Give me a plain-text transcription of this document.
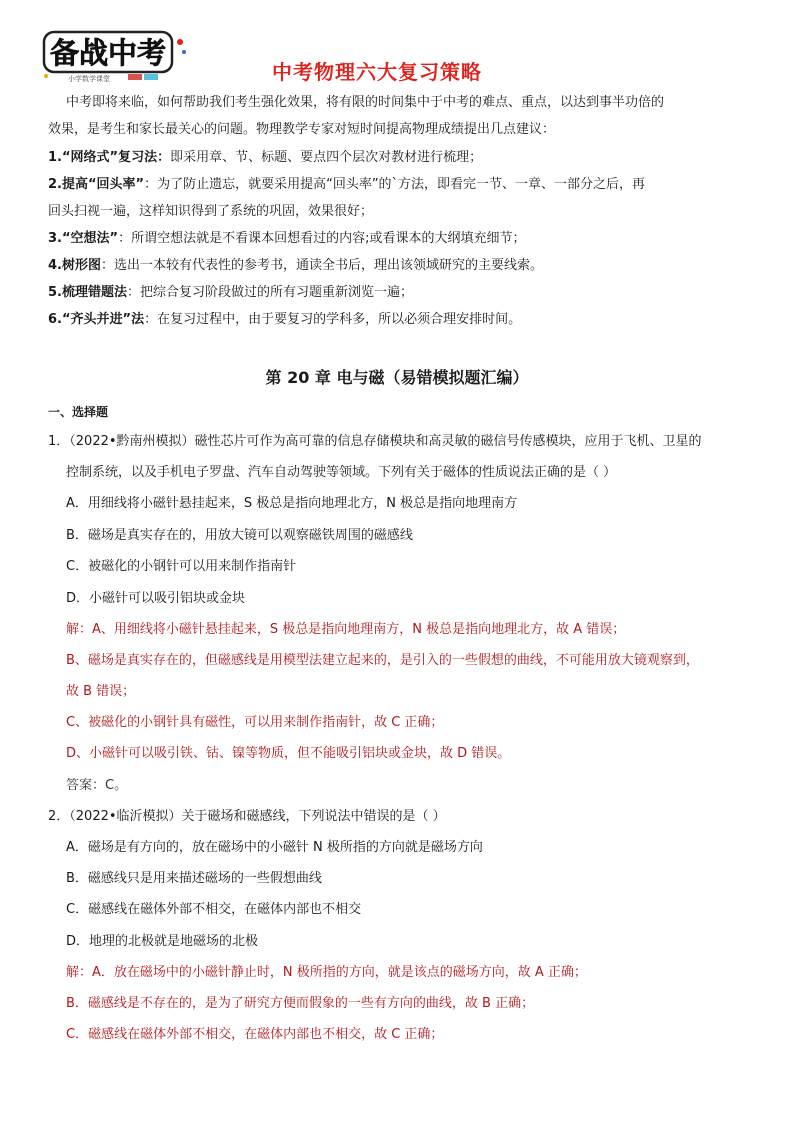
备战中考
小学数学课堂	中考物理六大复习策略
中考即将来临，如何帮助我们考生强化效果，将有限的时间集中于中考的难点、重点，以达到事半功倍的
效果，是考生和家长最关心的问题。物理教学专家对短时间提高物理成绩提出几点建议：
1.“网络式”复习法：即采用章、节、标题、要点四个层次对教材进行梳理；
2.提高“回头率”：为了防止遗忘，就要采用提高“回头率”的`方法，即看完一节、一章、一部分之后，再
回头扫视一遍，这样知识得到了系统的巩固，效果很好；
3.“空想法”：所谓空想法就是不看课本回想看过的内容;或看课本的大纲填充细节；
4.树形图：选出一本较有代表性的参考书，通读全书后，理出该领域研究的主要线索。
5.梳理错题法：把综合复习阶段做过的所有习题重新浏览一遍；
6.“齐头并进”法：在复习过程中，由于要复习的学科多，所以必须合理安排时间。
第 20 章 电与磁（易错模拟题汇编）
一、选择题
1．（2022•黔南州模拟）磁性芯片可作为高可靠的信息存储模块和高灵敏的磁信号传感模块，应用于飞机、卫星的
控制系统，以及手机电子罗盘、汽车自动驾驶等领域。下列有关于磁体的性质说法正确的是（ ）
A．用细线将小磁针悬挂起来，S 极总是指向地理北方，N 极总是指向地理南方
B．磁场是真实存在的，用放大镜可以观察磁铁周围的磁感线
C．被磁化的小钢针可以用来制作指南针
D．小磁针可以吸引铝块或金块
解：A、用细线将小磁针悬挂起来，S 极总是指向地理南方，N 极总是指向地理北方，故 A 错误；
B、磁场是真实存在的，但磁感线是用模型法建立起来的，是引入的一些假想的曲线，不可能用放大镜观察到，
故 B 错误；
C、被磁化的小钢针具有磁性，可以用来制作指南针，故 C 正确；
D、小磁针可以吸引铁、钴、镍等物质，但不能吸引铝块或金块，故 D 错误。
答案：C。
2．（2022•临沂模拟）关于磁场和磁感线，下列说法中错误的是（ ）
A．磁场是有方向的，放在磁场中的小磁针 N 极所指的方向就是磁场方向
B．磁感线只是用来描述磁场的一些假想曲线
C．磁感线在磁体外部不相交，在磁体内部也不相交
D．地理的北极就是地磁场的北极
解：A．放在磁场中的小磁针静止时，N 极所指的方向，就是该点的磁场方向，故 A 正确；
B．磁感线是不存在的，是为了研究方便而假象的一些有方向的曲线，故 B 正确；
C．磁感线在磁体外部不相交，在磁体内部也不相交，故 C 正确；
